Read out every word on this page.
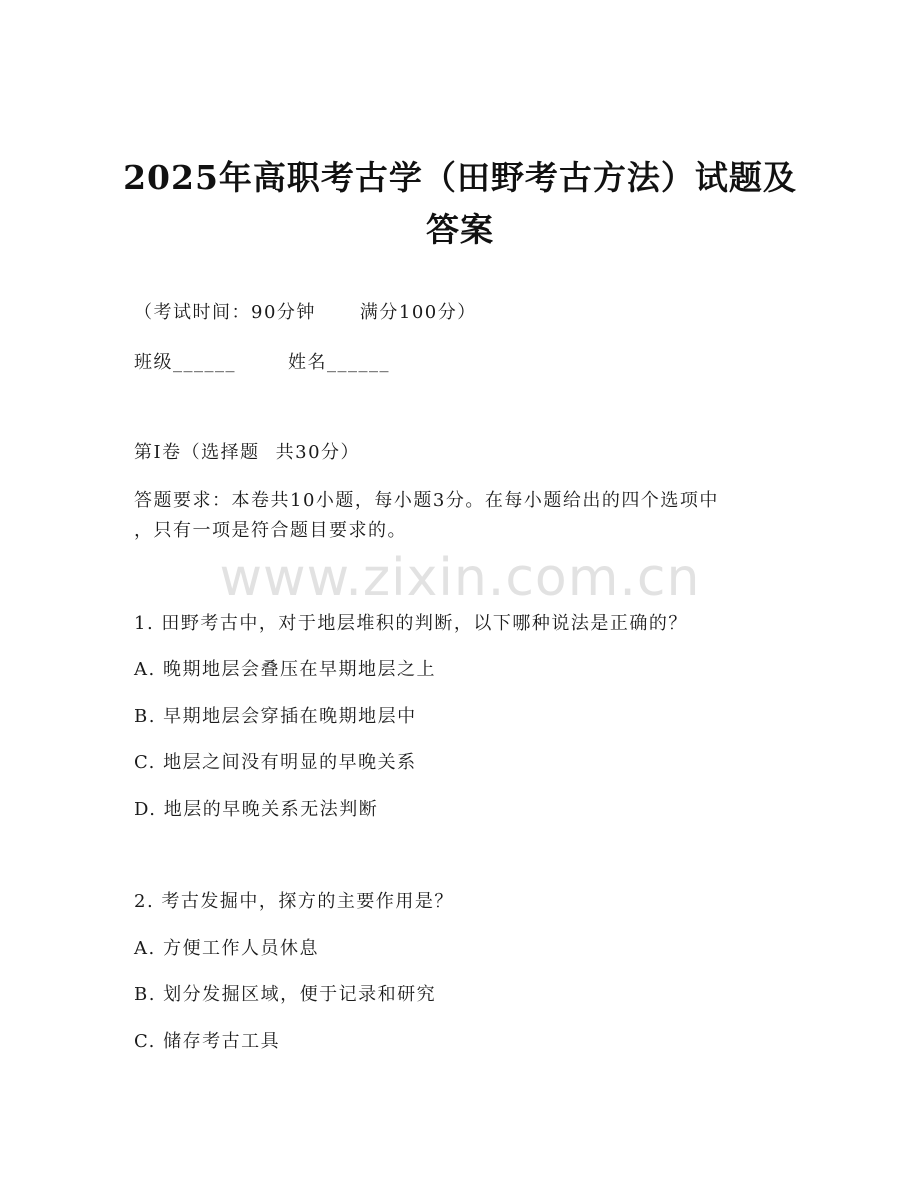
2025年高职考古学（田野考古方法）试题及
答案
（考试时间：90分钟 满分100分）
班级______	姓名______
第Ⅰ卷（选择题 共30分）
答题要求：本卷共10小题，每小题3分。在每小题给出的四个选项中
，只有一项是符合题目要求的。
www.zixin.com.cn
1. 田野考古中，对于地层堆积的判断，以下哪种说法是正确的？
A. 晚期地层会叠压在早期地层之上
B. 早期地层会穿插在晚期地层中
C. 地层之间没有明显的早晚关系
D. 地层的早晚关系无法判断
2. 考古发掘中，探方的主要作用是？
A. 方便工作人员休息
B. 划分发掘区域，便于记录和研究
C. 储存考古工具
